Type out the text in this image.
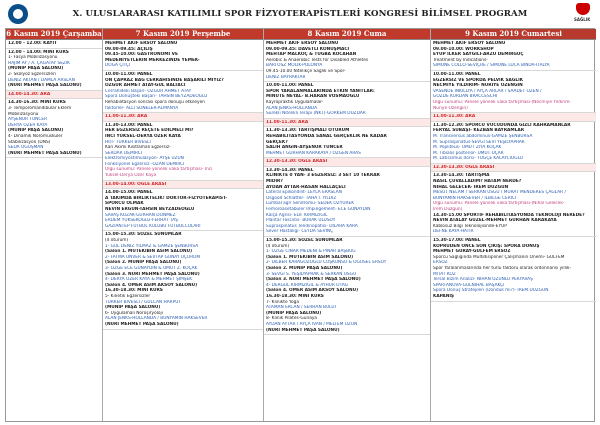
X. ULUSLARARASI KATILIMLI SPOR FİZYOTERAPİSTLERİ KONGRESİ BİLİMSEL PROGRAM
SAĞLIK
6 Kasım 2019 Çarşamba
12.00 - 12.00: KAYIT
12.00 - 14.00: MİNİ KURS
1- Fasya Mobilizasyonu
HAJIM AY / A. ÇAĞATAY SEZİK
(MUNİP PAŞA SALONU)
2- Skolyoz Egzersizleri
DENİZ AKTAN / DAMLA ARSLAN
(NURİ MEHMET PAŞA SALONU)
14.00-14.30: ARA
14.30-16.30: MİNİ KURS
3- Temporomandibular Eklem
Mobilizasyonu
AYŞENUR TUNCER
DERYA ÖZER KAYA
(MUNİP PAŞA SALONU)
4- Dinamik Nöromüsküler
Stabilizasyon (DNS)
SEDA OĞUŞMAN
(NURİ MEHMET PAŞA SALONU)
7 Kasım 2019 Perşembe
MEHMET AKİF ERSOY SALONU
09.00-09.45: AÇILIŞ
09.45-10.00: GASTRONOMİ VE
MEDENİYETLERİN MERKEZİNDE YEMEK-
DOĞA ÇİTÇİ
10.00-11.00: PANEL
ÖN ÇAPRAZ BAĞ CERRAHİSİNDE BAŞARILI MIYIZ?
ÖZGÜR AHMET ATAY-GÜL BALTACI
Cerrahideki Başarı- ÖZGÜR AHMET ATAY
Spora Dönüşteki Başarı- TAHSİN BEYZADEOĞLU
Rehabilitasyon sonrası spora dönüşü etkileyen
faktörler- ALLİ SONELER-ALMANYA
11.00-11.30: ARA
11.30-13.00: PANEL
HER EGZERSİZ REÇETE EDİLMELİ Mİ?
İNCİ YÜKSEL-DERYA ÖZER KAYA
HIIT- TÜRKER BİVESLİ
Kan Akımı Kısıtlamalı Egzersiz-
SERDAR DEMİRCİ
Elektromiyostimülasyon- AYŞE UZUN
Fonksiyonel Egzersiz -ÖZAN DEMİRCİ
Olgu sunumu: Panele yönelik vaka tartışması- İnci
Yüksel-Derya Özer Kaya
13.00-14.00: ÖĞLE ARASI
14.00-15.00: PANEL
A TAKIMDA BİRLİKTELİK! DOKTOR-FİZYOTERAPİST-
SPORCU OLMAK
NEVİN ERGUN-TAHSİN BEYZADEOĞLU
SAVAŞ KOZAK-GÜRHAN DÖNMEZ
ERDEM YÜKSEKOĞLU-FERHAT TAŞ
GAZİANTEP FUTBOL KULÜBÜ FUTBOLCULARI
15.00-15.30: SÖZEL SUNUMLAR
(4 oturum)
1- GÜL DENİZ YILMAZ & GAMZE ŞENBURSA
(Salon 1. MÜTEKİBİN ASIM SALONU)
2- FATMA ÜNVER & SEVTAP GÜNAY UÇURUM
(Salon 2. MUNİP PAŞA SALONU)
3- ÖZGE ECE GÜNAYDIN & UMUT Z. KOÇAK
(Salon 3. NURİ MEHMET PAŞA SALONU)
4- DERYA ÖZER KAYA & MEHMET ŞİMŞEK
(Salon 4. ÖMER ASIM AKSOY SALONU)
16.30-18.30: MİNİ KURS
5- Kinetik Egzersizler
TÜRKER BİVESLİ / GÜLCAN HARPUT
(MUNİP PAŞA SALONU)
6- Uygulamalı Nöroşiryoloji
ALAN JENKS-HOLLANDA / BÜNYAMİN HAKSEVER
(NURİ MEHMET PAŞA SALONU)
8 Kasım 2019 Cuma
MEHMET AKİF ERSOY SALONU
09.00-09.45: DAVETLİ KONUŞMACI
MEHTAP MALKOÇ & TUĞBA KOCAHAN
Aerobic & Anaerobic Tests for Disabled Athletes
BARTOSZ MOLIK-POLONYA
09.45-10.00 Nitelikçe Sağlık ve Spor-
DENİZ BAYRAKTAR
10.00-11.00: PANEL
SPOR YARALANMALARINDA ETKİN YANITLAR:
MİNÜTE NEYAL- B.HARAN VOSMAOĞLU
Kayropraktik Uygulamalar-
ALAN JENKS-HOLLANDA
Sürekli Nitelikli Terapi (NKT)-GÖRKEM DÜZDAR
11.00-11.30: ARA
11.30-13.30: TARTIŞMALI OTURUM
REHABİLİTASYONDA SANAL GERÇEKLİK NE KADAR
GERÇEK?
SALİH ANGIN-AYŞENUR TUNCER
MEHMET GÜRHAN KARAKAYA / ÖZGEN ARAS
12.30-13.30: ÖĞLE ARASI
13.30-14.30: PANEL
KLİNİKTE 0 YAN- 3 EGZERSİZ: 3 SET 10 TEKRAR
MIDIR?
AYDAN AYTAR-HASAN HALLAÇELİ
Lateral Epikondilit- LEYLA ERASLAN
Osgood Schlatter- TAHA İ. YILDIZ
Lumbal ağrı Sendromu- SEDEK ÖZYUREK
Femoroasetabuler İmpingement- ECE GÜNAYDIN
Kalça Ağrısı- ELİF KIRMIZIGİL
Plantar Fasciitis- BURAK ULUSOY
Supraspinatus Tendinopatisi- DİLARA KARA
Sever Hastalığı- CEYDA SEVİNÇ
15.00-15.30: SÖZEL SUNUMLAR
(4 oturum)
1- ÖZGE CINAR MEDENİ & PINAR BAŞBUĞ
(Salon 1. MÜTEKİBİN ASIM SALONU)
2- DİLBER KARAGÖZOĞLU COŞKUNSU & OĞUSEL ERSOY
(Salon 2. MUNİP PAŞA SALONU)
3- SEVGİ S. YEŞİLYAPRAK & SERKAN USGU
(Salon 3. NURİ MEHMET PAŞA SALONU)
4- DERGÜL KIRMIZIGİL & AYHUR OTAĞ
(Salon 4. ÖMER ASIM AKSOY SALONU)
16.30-18.30: MİNİ KURS
7- Klinikte Yoga
ATAMAN ERCAN / SERHAN BULUT
(MUNİP PAŞA SALONU)
8- Klinik Pilates-Günaya
AYDAN AYTAR / AYÇA İVAN / MELTEM UZUN
(NURİ MEHMET PAŞA SALONU)
9 Kasım 2019 Cumartesi
MEHMET AKİF ERSOY SALONU
09.00-10.00: WORKSHOP
EYÜP İLKER SAYGILI-ARZU DEMİRGÜÇ
Treatment by Indications-
SİMONE COLLO-SEVİÇRE / SİMONE LUCA BİNDA-İTALYA
10.00-11.00: PANEL
EGZERSİZ VE SPORDA PELVİK SAĞLIK
NECMİYE YILDIRIM- NURİYE ÖZENGİN
VASENDE İNKILLYA / AYÇA ARLAR / SAADET ÖZEN /
GÖZDE KURDAN BRACCESCHİ
Olgu sunumu: Panele yönelik vaka tartışması-(Necmiye Yıldırım-
Nuriye Özengin)
11.00-11.30: ARA
11.30-12.30: SPORCU VÜCUDUNDA GİZLİ KAHRAMANLAR
FERYAL SUBAŞI- KEZBAN BAYRAMLAR
M. Transversus abdominus-GAMZE ŞENBURSA
M. Supraspinatus-SEVGİ SEVİ YEŞİLYAPRAK
M. Popliteus- UMUT ZİYA KOÇAK
M. Tibialis posterior- UMUT UÇAR
M. Latissimus dorsi- TOĞÇE KALAYCIOĞLU
12.30-13.30: ÖĞLE ARASI
13.30-14.30: TARTIŞMA
NASIL ÇUVALLADIM? HATAM NERDE?
NİHAL GELECEK- İREM DÜZGÜN
MESUT NELAM / SERKAN USGU / MURAT MENDERES ÇAĞLAR /
BÜNYAMİN HAKSEVER / İLBİLGE CERİCİ
Olgu sunumu: Panele yönelik vaka tartışması-(Nihal Gelecek-
İrem Düzgün)
14.30-15.00 SPORTİF REHABİLİTASYONDA TEKNOLOJİ NEREDE?
NEVİN ATALAY GÜZEL-MEHMET GÜRHAN KARAKAYA
Kablosuz Bilgi Teknolojisinde-EYÜP
DEFNE KAYA-HATİR
15.30-17.00: PANEL
KOPRÜDEN ÖNCE SON ÇIKIŞ: SPORA DÖNÜŞ
MEHMET GÜRAY-GÜLFEM ERSÖZ
Sporcu Sağlığında Multidisipliner Çalışmanın Önemi- GÜLFEM
ERSÖZ
Spor Yaralanmalarında her türlü faktörü olarak ordonnansı yıllık-
MİTAT KOZ
Tersal Bizim Analizi- NİHAN ÖZÜNLÜ PEKYAVAŞ
SPARTANOVA-GÜLNİHAL BAŞAKÇI
Spora Dönüş Stratejileri (Donduk mi?)- İREM DÜZGÜN
KAPANIŞ
